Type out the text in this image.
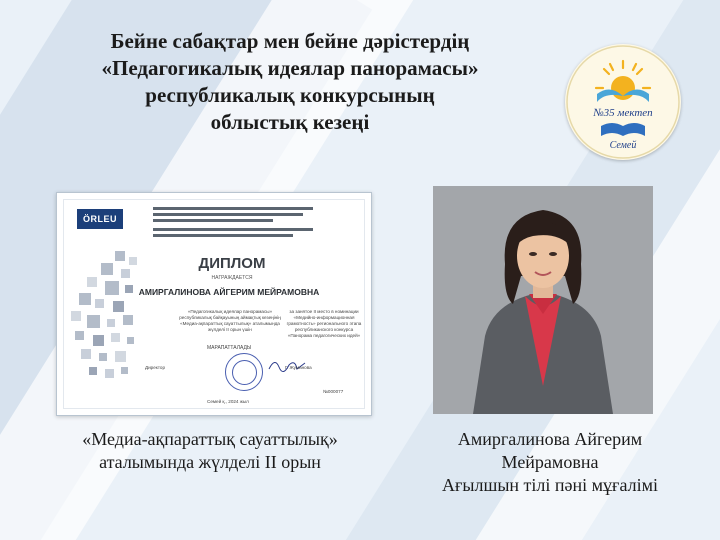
Бейне сабақтар мен бейне дәрістердің
«Педагогикалық идеялар панорамасы»
республикалық конкурсының
облыстық кезеңі	№35 мектеп
Семей
ÖRLEU
ДИПЛОМ
НАГРАЖДАЕТСЯ
АМИРГАЛИНОВА АЙГЕРИМ МЕЙРАМОВНА
«Педагогикалық идеялар панорамасы» республикалық байқауының аймақтық кезеңінің «Медиа-ақпараттық сауаттылық» аталымында жүлделі II орын үшін
за занятое II место в номинации «Медийно-информационная грамотность» регионального этапа республиканского конкурса «Панорама педагогических идей»
МАРАПАТТАЛАДЫ
Директор	Г. Жуманова
№000077
Семей қ., 2024 жыл
«Медиа-ақпараттық сауаттылық»
аталымында жүлделі II орын
Амиргалинова Айгерим
Мейрамовна
Ағылшын тілі пәні мұғалімі
